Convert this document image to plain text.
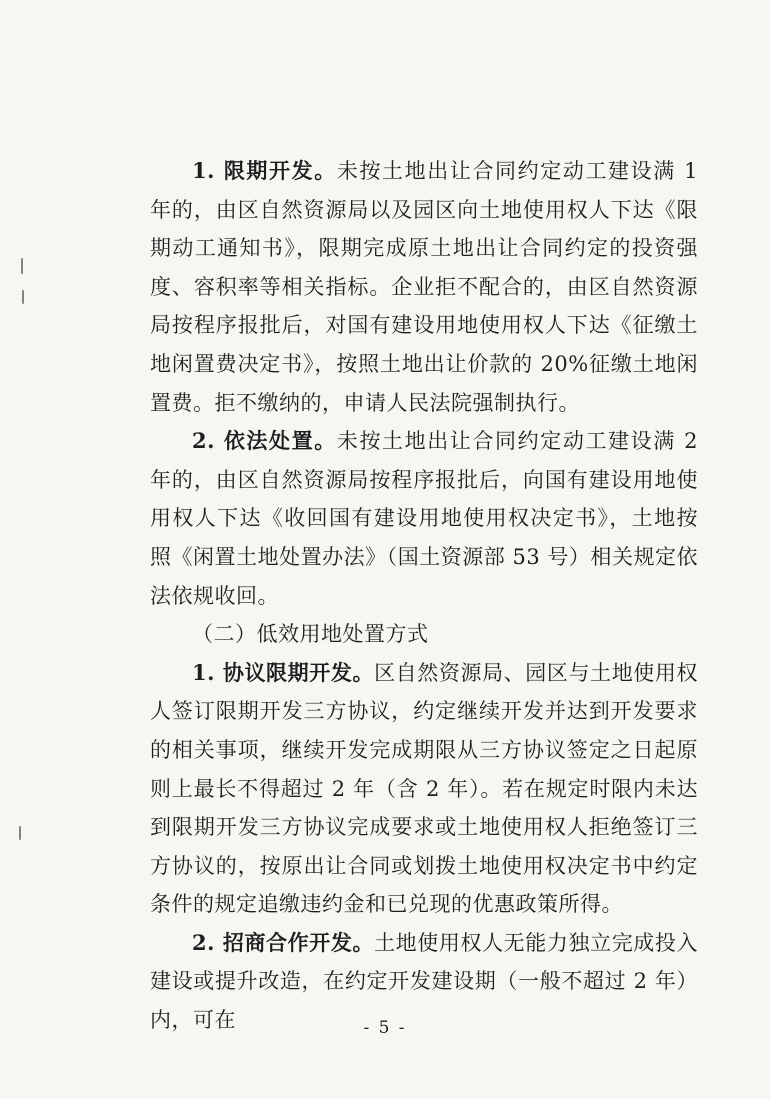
1. 限期开发。未按土地出让合同约定动工建设满 1 年的，由区自然资源局以及园区向土地使用权人下达《限期动工通知书》，限期完成原土地出让合同约定的投资强度、容积率等相关指标。企业拒不配合的，由区自然资源局按程序报批后，对国有建设用地使用权人下达《征缴土地闲置费决定书》，按照土地出让价款的 20%征缴土地闲置费。拒不缴纳的，申请人民法院强制执行。

2. 依法处置。未按土地出让合同约定动工建设满 2 年的，由区自然资源局按程序报批后，向国有建设用地使用权人下达《收回国有建设用地使用权决定书》，土地按照《闲置土地处置办法》（国土资源部 53 号）相关规定依法依规收回。

（二）低效用地处置方式

1. 协议限期开发。区自然资源局、园区与土地使用权人签订限期开发三方协议，约定继续开发并达到开发要求的相关事项，继续开发完成期限从三方协议签定之日起原则上最长不得超过 2 年（含 2 年）。若在规定时限内未达到限期开发三方协议完成要求或土地使用权人拒绝签订三方协议的，按原出让合同或划拨土地使用权决定书中约定条件的规定追缴违约金和已兑现的优惠政策所得。

2. 招商合作开发。土地使用权人无能力独立完成投入建设或提升改造，在约定开发建设期（一般不超过 2 年）内，可在	- 5 -
